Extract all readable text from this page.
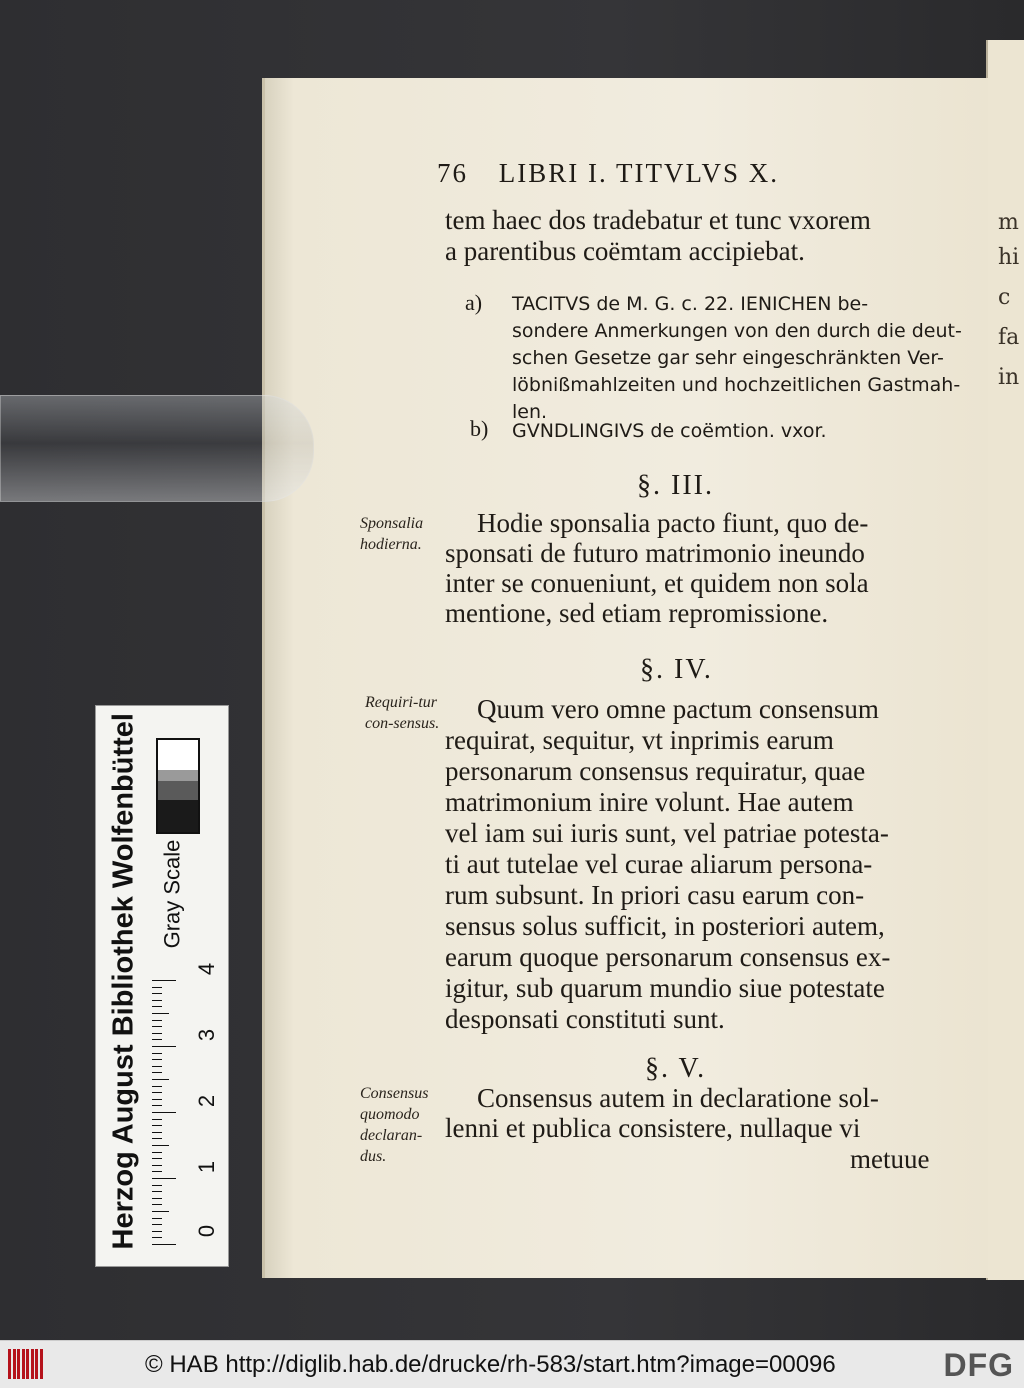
m
hi
c
fa
in
76 LIBRI I. TITVLVS X.
tem haec dos tradebatur et tunc vxorem
a parentibus coëmtam accipiebat.
a) TACITVS de M. G. c. 22. IENICHEN be-
sondere Anmerkungen von den durch die deut-
schen Gesetze gar sehr eingeschränkten Ver-
löbnißmahlzeiten und hochzeitlichen Gastmah-
len.
b) GVNDLINGIVS de coëmtion. vxor.
§. III.
Sponsalia hodierna.
Hodie sponsalia pacto fiunt, quo de-
sponsati de futuro matrimonio ineundo
inter se conueniunt, et quidem non sola
mentione, sed etiam repromissione.
§. IV.
Requiri-tur con-sensus. Quum vero omne pactum consensum
requirat, sequitur, vt inprimis earum
personarum consensus requiratur, quae
matrimonium inire volunt. Hae autem
vel iam sui iuris sunt, vel patriae potesta-
ti aut tutelae vel curae aliarum persona-
rum subsunt. In priori casu earum con-
sensus solus sufficit, in posteriori autem,
earum quoque personarum consensus ex-
igitur, sub quarum mundio siue potestate
desponsati constituti sunt.
§. V.
Consensus quomodo declaran-dus.
Consensus autem in declaratione sol-
lenni et publica consistere, nullaque vi
metuue
Herzog August Bibliothek Wolfenbüttel Gray Scale
0
1
2
3
4
© HAB http://diglib.hab.de/drucke/rh-583/start.htm?image=00096	DFG
